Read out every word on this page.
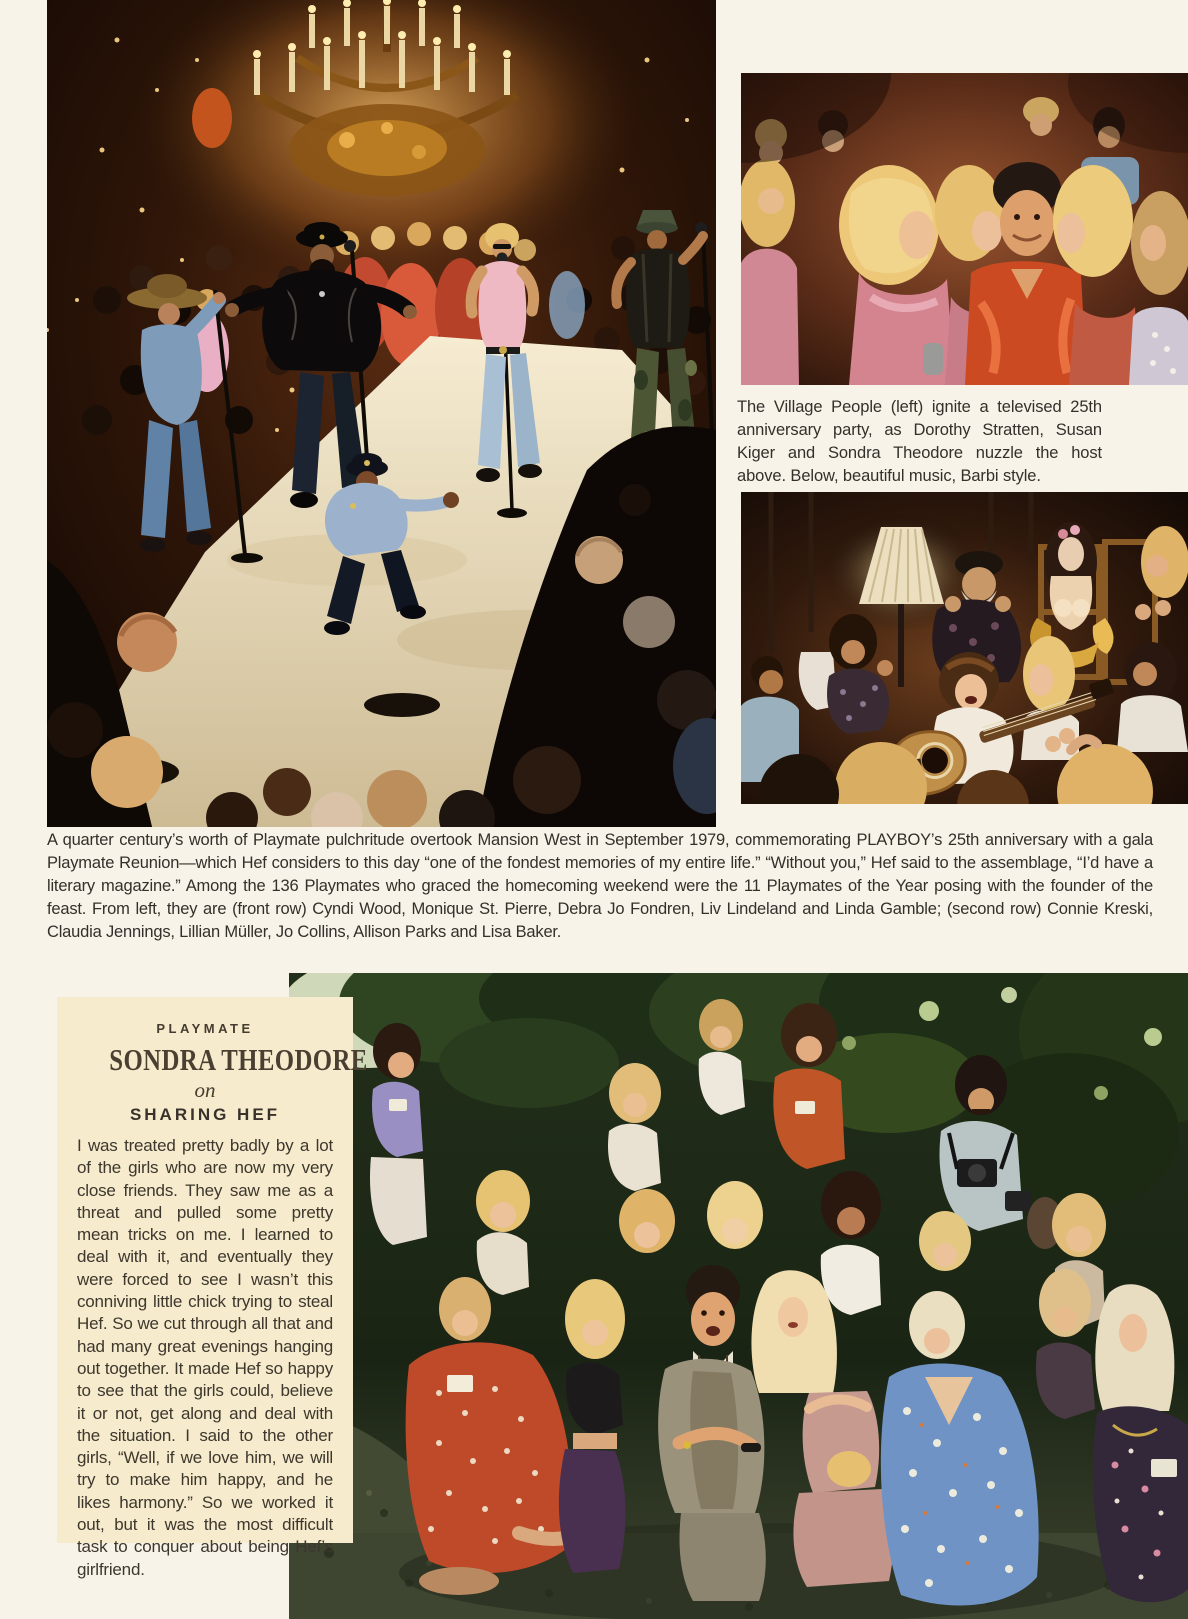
The Village People (left) ignite a televised 25th anniversary party, as Dorothy Stratten, Susan Kiger and Sondra Theodore nuzzle the host above. Below, beautiful music, Barbi style.
A quarter century’s worth of Playmate pulchritude overtook Mansion West in September 1979, commemorating PLAYBOY’s 25th anniversary with a gala Playmate Reunion—which Hef considers to this day “one of the fondest memories of my entire life.” “Without you,” Hef said to the assemblage, “I’d have a literary magazine.” Among the 136 Playmates who graced the homecoming weekend were the 11 Playmates of the Year posing with the founder of the feast. From left, they are (front row) Cyndi Wood, Monique St. Pierre, Debra Jo Fondren, Liv Lindeland and Linda Gamble; (second row) Connie Kreski, Claudia Jennings, Lillian Müller, Jo Collins, Allison Parks and Lisa Baker.

PLAYMATE

SONDRA THEODORE

on

SHARING HEF

I was treated pretty badly by a lot of the girls who are now my very close friends. They saw me as a threat and pulled some pretty mean tricks on me. I learned to deal with it, and eventually they were forced to see I wasn’t this conniving little chick trying to steal Hef. So we cut through all that and had many great evenings hanging out together. It made Hef so happy to see that the girls could, believe it or not, get along and deal with the situation. I said to the other girls, “Well, if we love him, we will try to make him happy, and he likes harmony.” So we worked it out, but it was the most difficult task to conquer about being Hef’s girlfriend.
